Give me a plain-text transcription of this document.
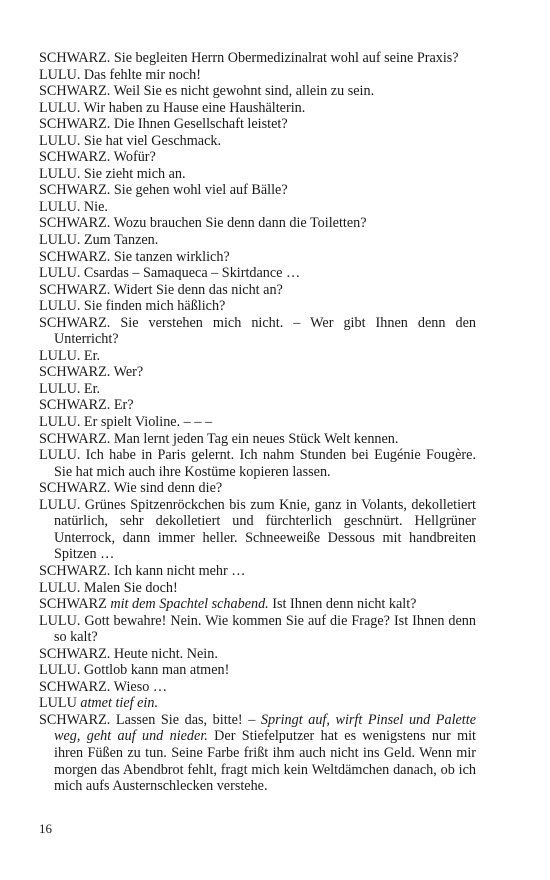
SCHWARZ. Sie begleiten Herrn Obermedizinalrat wohl auf seine Praxis?

LULU. Das fehlte mir noch!

SCHWARZ. Weil Sie es nicht gewohnt sind, allein zu sein.

LULU. Wir haben zu Hause eine Haushälterin.

SCHWARZ. Die Ihnen Gesellschaft leistet?

LULU. Sie hat viel Geschmack.

SCHWARZ. Wofür?

LULU. Sie zieht mich an.

SCHWARZ. Sie gehen wohl viel auf Bälle?

LULU. Nie.

SCHWARZ. Wozu brauchen Sie denn dann die Toiletten?

LULU. Zum Tanzen.

SCHWARZ. Sie tanzen wirklich?

LULU. Csardas – Samaqueca – Skirtdance …

SCHWARZ. Widert Sie denn das nicht an?

LULU. Sie finden mich häßlich?

SCHWARZ. Sie verstehen mich nicht. – Wer gibt Ihnen denn den Unterricht?

LULU. Er.

SCHWARZ. Wer?

LULU. Er.

SCHWARZ. Er?

LULU. Er spielt Violine. – – –

SCHWARZ. Man lernt jeden Tag ein neues Stück Welt kennen.

LULU. Ich habe in Paris gelernt. Ich nahm Stunden bei Eugénie Fougère. Sie hat mich auch ihre Kostüme kopieren lassen.

SCHWARZ. Wie sind denn die?

LULU. Grünes Spitzenröckchen bis zum Knie, ganz in Volants, dekolletiert natürlich, sehr dekolletiert und fürchterlich geschnürt. Hellgrüner Unterrock, dann immer heller. Schneeweiße Dessous mit handbreiten Spitzen …

SCHWARZ. Ich kann nicht mehr …

LULU. Malen Sie doch!

SCHWARZ mit dem Spachtel schabend. Ist Ihnen denn nicht kalt?

LULU. Gott bewahre! Nein. Wie kommen Sie auf die Frage? Ist Ihnen denn so kalt?

SCHWARZ. Heute nicht. Nein.

LULU. Gottlob kann man atmen!

SCHWARZ. Wieso …

LULU atmet tief ein.

SCHWARZ. Lassen Sie das, bitte! – Springt auf, wirft Pinsel und Palette weg, geht auf und nieder. Der Stiefelputzer hat es wenigstens nur mit ihren Füßen zu tun. Seine Farbe frißt ihm auch nicht ins Geld. Wenn mir morgen das Abendbrot fehlt, fragt mich kein Weltdämchen danach, ob ich mich aufs Austernschlecken verstehe.

16
